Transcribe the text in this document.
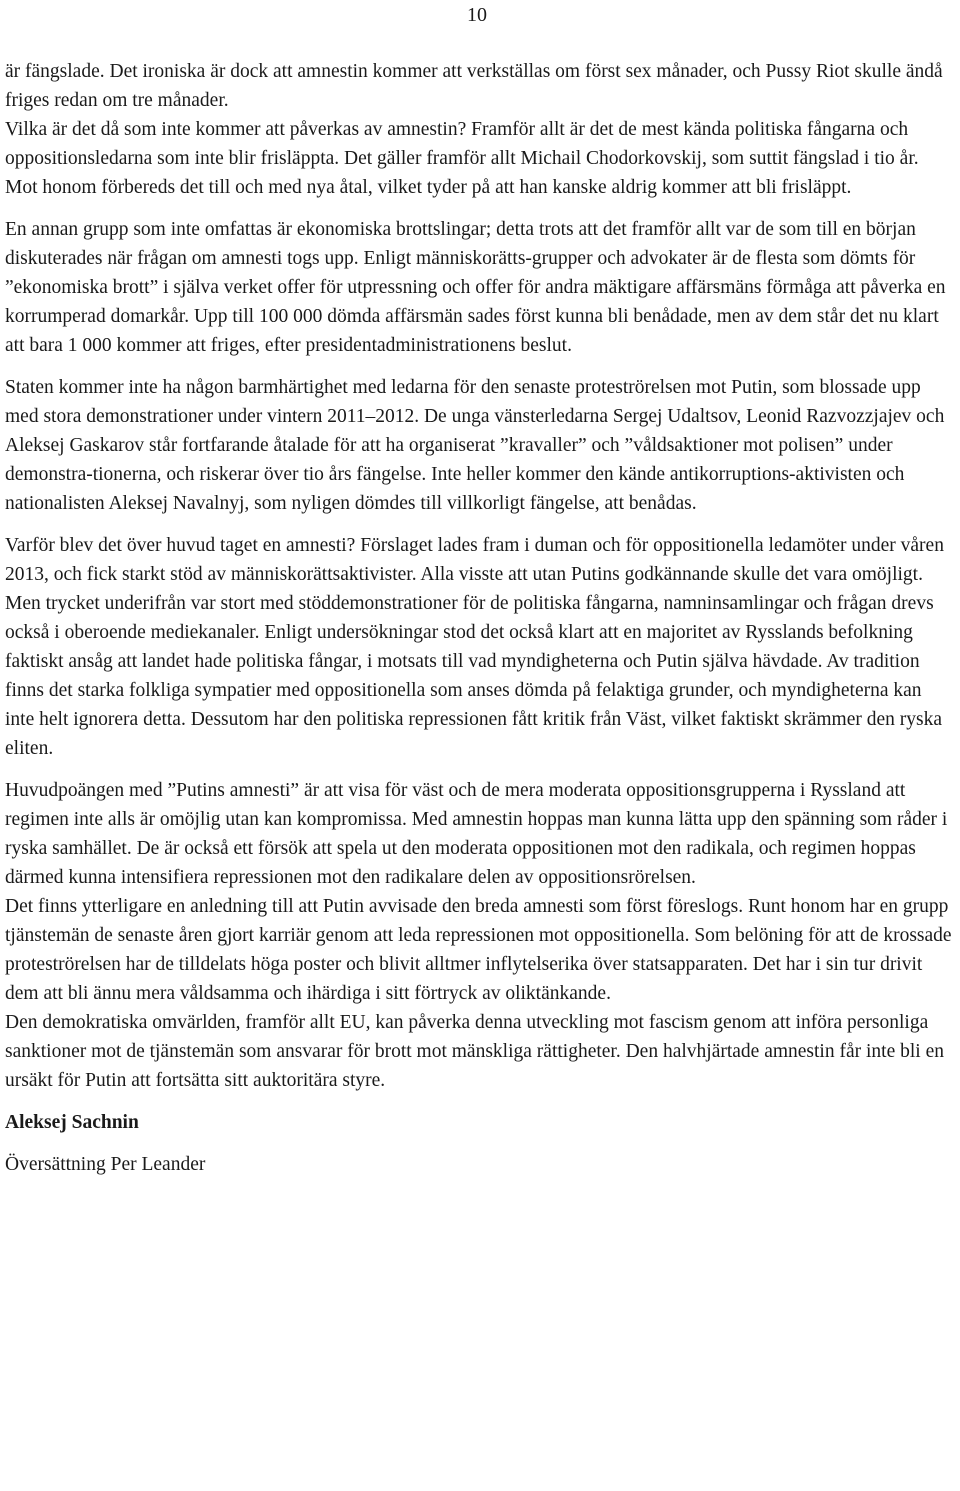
10

är fängslade. Det ironiska är dock att amnestin kommer att verkställas om först sex månader, och Pussy Riot skulle ändå friges redan om tre månader.

Vilka är det då som inte kommer att påverkas av amnestin? Framför allt är det de mest kända politiska fångarna och oppositionsledarna som inte blir frisläppta. Det gäller framför allt Michail Chodorkovskij, som suttit fängslad i tio år. Mot honom förbereds det till och med nya åtal, vilket tyder på att han kanske aldrig kommer att bli frisläppt.

En annan grupp som inte omfattas är ekonomiska brottslingar; detta trots att det framför allt var de som till en början diskuterades när frågan om amnesti togs upp. Enligt människorätts-grupper och advokater är de flesta som dömts för ”ekonomiska brott” i själva verket offer för utpressning och offer för andra mäktigare affärsmäns förmåga att påverka en korrumperad domarkår. Upp till 100 000 dömda affärsmän sades först kunna bli benådade, men av dem står det nu klart att bara 1 000 kommer att friges, efter presidentadministrationens beslut.

Staten kommer inte ha någon barmhärtighet med ledarna för den senaste proteströrelsen mot Putin, som blossade upp med stora demonstrationer under vintern 2011–2012. De unga vänsterledarna Sergej Udaltsov, Leonid Razvozzjajev och Aleksej Gaskarov står fortfarande åtalade för att ha organiserat ”kravaller” och ”våldsaktioner mot polisen” under demonstra-tionerna, och riskerar över tio års fängelse. Inte heller kommer den kände antikorruptions-aktivisten och nationalisten Aleksej Navalnyj, som nyligen dömdes till villkorligt fängelse, att benådas.

Varför blev det över huvud taget en amnesti? Förslaget lades fram i duman och för oppositionella ledamöter under våren 2013, och fick starkt stöd av människorättsaktivister. Alla visste att utan Putins godkännande skulle det vara omöjligt. Men trycket underifrån var stort med stöddemonstrationer för de politiska fångarna, namninsamlingar och frågan drevs också i oberoende mediekanaler. Enligt undersökningar stod det också klart att en majoritet av Rysslands befolkning faktiskt ansåg att landet hade politiska fångar, i motsats till vad myndigheterna och Putin själva hävdade. Av tradition finns det starka folkliga sympatier med oppositionella som anses dömda på felaktiga grunder, och myndigheterna kan inte helt ignorera detta. Dessutom har den politiska repressionen fått kritik från Väst, vilket faktiskt skrämmer den ryska eliten.

Huvudpoängen med ”Putins amnesti” är att visa för väst och de mera moderata oppositionsgrupperna i Ryssland att regimen inte alls är omöjlig utan kan kompromissa. Med amnestin hoppas man kunna lätta upp den spänning som råder i ryska samhället. De är också ett försök att spela ut den moderata oppositionen mot den radikala, och regimen hoppas därmed kunna intensifiera repressionen mot den radikalare delen av oppositionsrörelsen.

Det finns ytterligare en anledning till att Putin avvisade den breda amnesti som först föreslogs. Runt honom har en grupp tjänstemän de senaste åren gjort karriär genom att leda repressionen mot oppositionella. Som belöning för att de krossade proteströrelsen har de tilldelats höga poster och blivit alltmer inflytelserika över statsapparaten. Det har i sin tur drivit dem att bli ännu mera våldsamma och ihärdiga i sitt förtryck av oliktänkande.

Den demokratiska omvärlden, framför allt EU, kan påverka denna utveckling mot fascism genom att införa personliga sanktioner mot de tjänstemän som ansvarar för brott mot mänskliga rättigheter. Den halvhjärtade amnestin får inte bli en ursäkt för Putin att fortsätta sitt auktoritära styre.

Aleksej Sachnin

Översättning Per Leander
